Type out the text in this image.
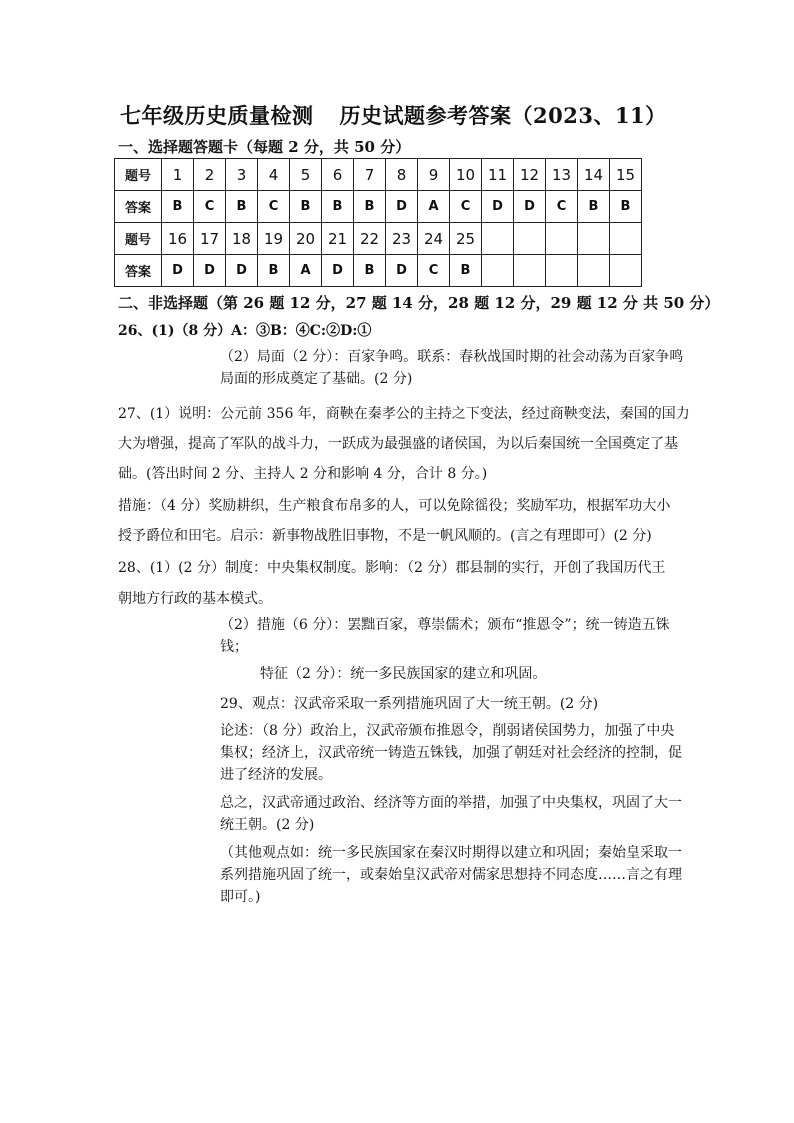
七年级历史质量检测 历史试题参考答案（2023、11）
一、选择题答题卡（每题 2 分，共 50 分）
题号	1	2	3	4	5	6	7	8	9	10	11	12	13	14	15
答案	B	C	B	C	B	B	B	D	A	C	D	D	C	B	B
题号	16	17	18	19	20	21	22	23	24	25					
答案	D	D	D	B	A	D	B	D	C	B					
二、非选择题（第 26 题 12 分，27 题 14 分，28 题 12 分，29 题 12 分 共 50 分）
26、(1)（8 分）A：③B：④C:②D:①
（2）局面（2 分）：百家争鸣。联系：春秋战国时期的社会动荡为百家争鸣
局面的形成奠定了基础。(2 分)
27、(1）说明：公元前 356 年，商鞅在秦孝公的主持之下变法，经过商鞅变法，秦国的国力
大为增强，提高了军队的战斗力，一跃成为最强盛的诸侯国，为以后秦国统一全国奠定了基
础。(答出时间 2 分、主持人 2 分和影响 4 分，合计 8 分。)
措施：（4 分）奖励耕织，生产粮食布帛多的人，可以免除徭役；奖励军功，根据军功大小
授予爵位和田宅。启示：新事物战胜旧事物，不是一帆风顺的。(言之有理即可）(2 分)
28、(1）(2 分）制度：中央集权制度。影响：（2 分）郡县制的实行，开创了我国历代王
朝地方行政的基本模式。
（2）措施（6 分）：罢黜百家，尊崇儒术；颁布“推恩令”；统一铸造五铢
钱；
特征（2 分）：统一多民族国家的建立和巩固。
29、观点：汉武帝采取一系列措施巩固了大一统王朝。(2 分)
论述：（8 分）政治上，汉武帝颁布推恩令，削弱诸侯国势力，加强了中央
集权；经济上，汉武帝统一铸造五铢钱，加强了朝廷对社会经济的控制，促
进了经济的发展。
总之，汉武帝通过政治、经济等方面的举措，加强了中央集权，巩固了大一
统王朝。(2 分)
（其他观点如：统一多民族国家在秦汉时期得以建立和巩固；秦始皇采取一
系列措施巩固了统一，或秦始皇汉武帝对儒家思想持不同态度……言之有理
即可。)
